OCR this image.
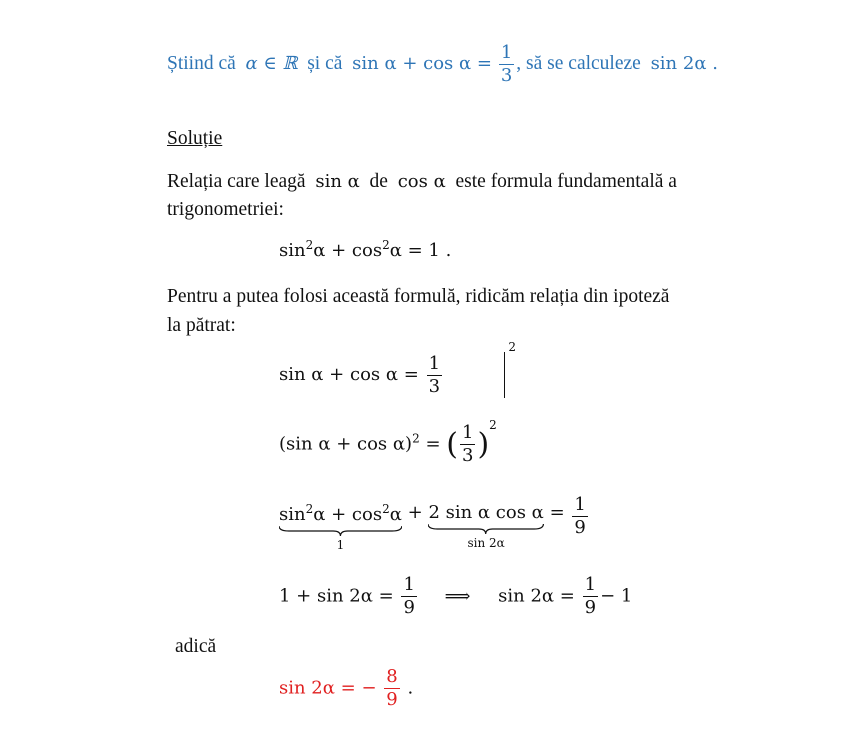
Știind că α ∈ ℝ și că $\sin \alpha + \cos \alpha = \frac{1}{3}$ , să se calculeze sin 2α .
Soluție
Relația care leagă sin α de cos α este formula fundamentală a
trigonometriei:
$\sin^2\alpha + \cos^2\alpha = 1$ .
Pentru a putea folosi această formulă, ridicăm relația din ipoteză
la pătrat:
$\sin \alpha + \cos \alpha = \frac{1}{3}$
$^2$
(sin α + cos α)$^2$ = ( $\frac{1}{3} )^2$
$\sin^2\alpha + \cos^2\alpha$
1
+ 2 sin α cos α
sin 2α
= $\frac{1}{9}$
$1 + \sin 2\alpha = \frac{1}{9}$ ⟹ $\sin 2\alpha = \frac{1}{9} - 1$
adică
sin 2α = − $\frac{8}{9}$ .
